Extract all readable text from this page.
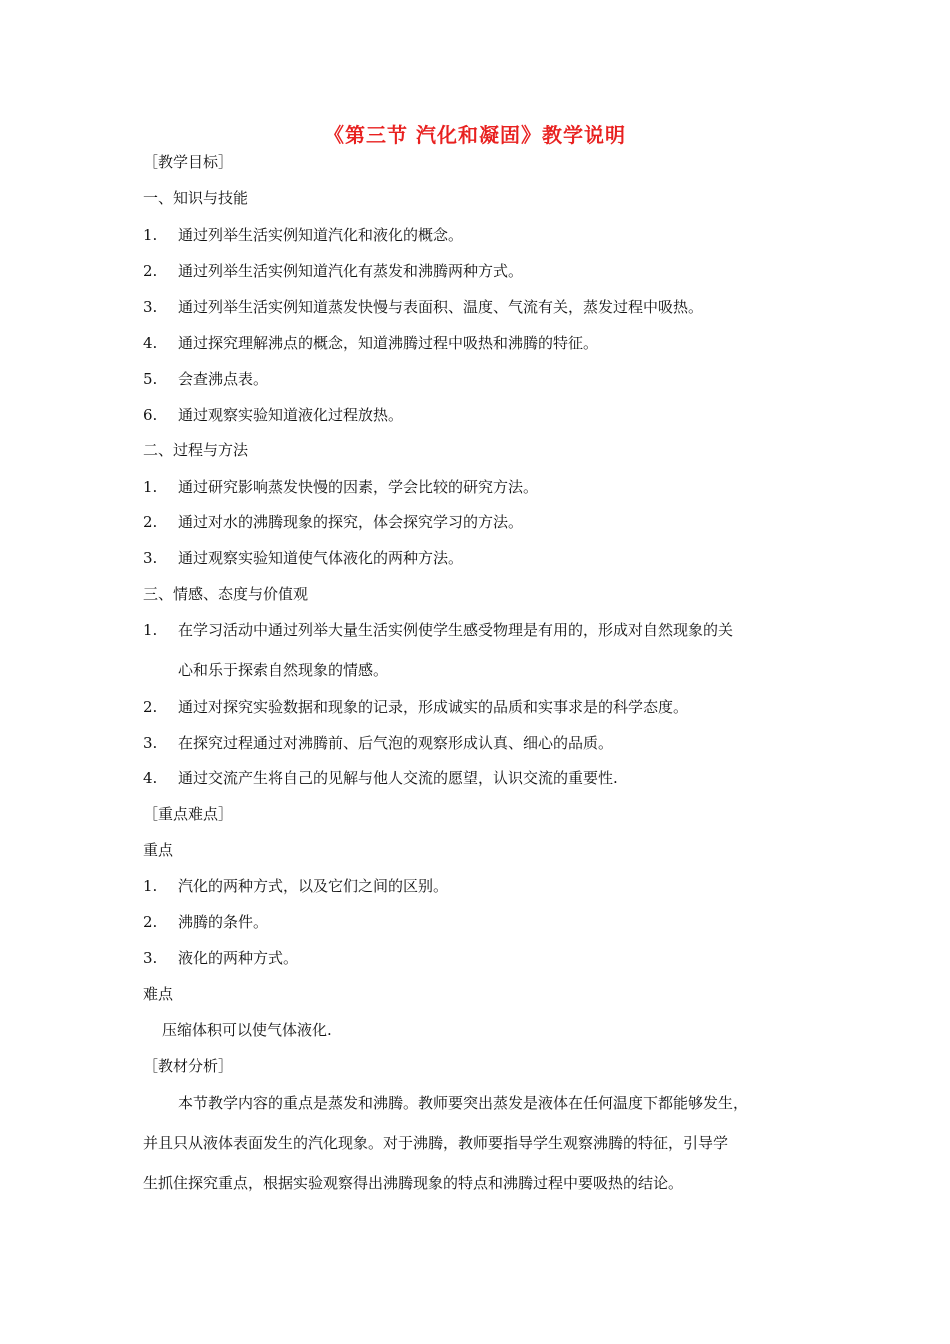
《第三节 汽化和凝固》教学说明
［教学目标］
一、知识与技能
1. 通过列举生活实例知道汽化和液化的概念。
2. 通过列举生活实例知道汽化有蒸发和沸腾两种方式。
3. 通过列举生活实例知道蒸发快慢与表面积、温度、气流有关，蒸发过程中吸热。
4. 通过探究理解沸点的概念，知道沸腾过程中吸热和沸腾的特征。
5. 会查沸点表。
6. 通过观察实验知道液化过程放热。
二、过程与方法
1. 通过研究影响蒸发快慢的因素，学会比较的研究方法。
2. 通过对水的沸腾现象的探究，体会探究学习的方法。
3. 通过观察实验知道使气体液化的两种方法。
三、情感、态度与价值观
1. 在学习活动中通过列举大量生活实例使学生感受物理是有用的，形成对自然现象的关
心和乐于探索自然现象的情感。
2. 通过对探究实验数据和现象的记录，形成诚实的品质和实事求是的科学态度。
3. 在探究过程通过对沸腾前、后气泡的观察形成认真、细心的品质。
4. 通过交流产生将自己的见解与他人交流的愿望，认识交流的重要性.
［重点难点］
重点
1. 汽化的两种方式，以及它们之间的区别。
2. 沸腾的条件。
3. 液化的两种方式。
难点
压缩体积可以使气体液化.
［教材分析］
本节教学内容的重点是蒸发和沸腾。教师要突出蒸发是液体在任何温度下都能够发生，
并且只从液体表面发生的汽化现象。对于沸腾，教师要指导学生观察沸腾的特征，引导学
生抓住探究重点，根据实验观察得出沸腾现象的特点和沸腾过程中要吸热的结论。
